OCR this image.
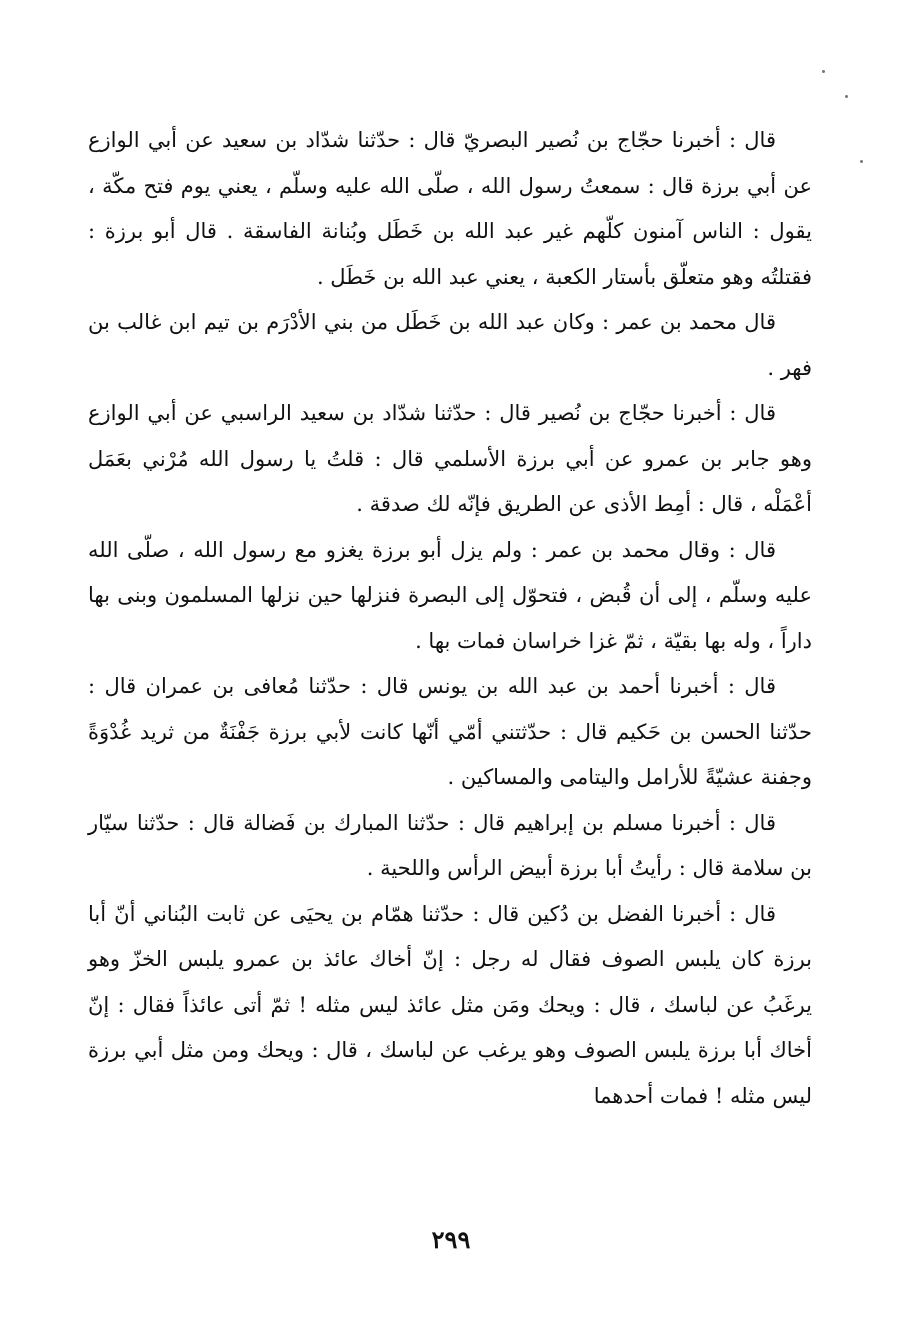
قال : أخبرنا حجّاج بن نُصير البصريّ قال : حدّثنا شدّاد بن سعيد عن أبي الوازع عن أبي برزة قال : سمعتُ رسول الله ، صلّى الله عليه وسلّم ، يعني يوم فتح مكّة ، يقول : الناس آمنون كلّهم غير عبد الله بن خَطَل وبُنانة الفاسقة . قال أبو برزة : فقتلتُه وهو متعلّق بأستار الكعبة ، يعني عبد الله بن خَطَل .

قال محمد بن عمر : وكان عبد الله بن خَطَل من بني الأدْرَم بن تيم ابن غالب بن فهر .

قال : أخبرنا حجّاج بن نُصير قال : حدّثنا شدّاد بن سعيد الراسبي عن أبي الوازع وهو جابر بن عمرو عن أبي برزة الأسلمي قال : قلتُ يا رسول الله مُرْني بعَمَل أعْمَلْه ، قال : أمِط الأذى عن الطريق فإنّه لك صدقة .

قال : وقال محمد بن عمر : ولم يزل أبو برزة يغزو مع رسول الله ، صلّى الله عليه وسلّم ، إلى أن قُبض ، فتحوّل إلى البصرة فنزلها حين نزلها المسلمون وبنى بها داراً ، وله بها بقيّة ، ثمّ غزا خراسان فمات بها .

قال : أخبرنا أحمد بن عبد الله بن يونس قال : حدّثنا مُعافى بن عمران قال : حدّثنا الحسن بن حَكيم قال : حدّثتني أمّي أنّها كانت لأبي برزة جَفْنَةٌ من ثريد غُدْوَةً وجفنة عشيّةً للأرامل واليتامى والمساكين .

قال : أخبرنا مسلم بن إبراهيم قال : حدّثنا المبارك بن فَضالة قال : حدّثنا سيّار بن سلامة قال : رأيتُ أبا برزة أبيض الرأس واللحية .

قال : أخبرنا الفضل بن دُكين قال : حدّثنا همّام بن يحيَى عن ثابت البُناني أنّ أبا برزة كان يلبس الصوف فقال له رجل : إنّ أخاك عائذ بن عمرو يلبس الخزّ وهو يرغَبُ عن لباسك ، قال : ويحك ومَن مثل عائذ ليس مثله ! ثمّ أتى عائذاً فقال : إنّ أخاك أبا برزة يلبس الصوف وهو يرغب عن لباسك ، قال : ويحك ومن مثل أبي برزة ليس مثله ! فمات أحدهما

٢٩٩
